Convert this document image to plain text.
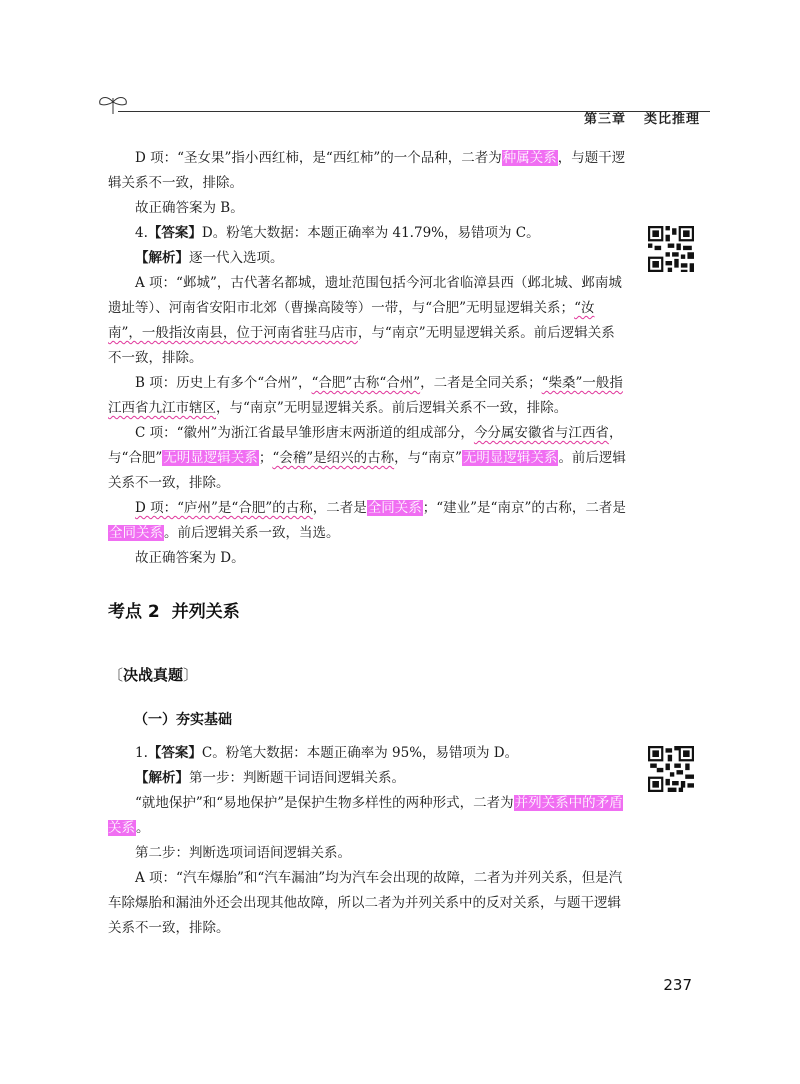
第三章 类比推理
D 项：“圣女果”指小西红柿，是“西红柿”的一个品种，二者为种属关系，与题干逻辑关系不一致，排除。
故正确答案为 B。
4.【答案】D。粉笔大数据：本题正确率为 41.79%，易错项为 C。
【解析】逐一代入选项。
A 项：“邺城”，古代著名都城，遗址范围包括今河北省临漳县西（邺北城、邺南城遗址等）、河南省安阳市北郊（曹操高陵等）一带，与“合肥”无明显逻辑关系；“汝南”，一般指汝南县，位于河南省驻马店市，与“南京”无明显逻辑关系。前后逻辑关系不一致，排除。
B 项：历史上有多个“合州”，“合肥”古称“合州”，二者是全同关系；“柴桑”一般指江西省九江市辖区，与“南京”无明显逻辑关系。前后逻辑关系不一致，排除。
C 项：“徽州”为浙江省最早雏形唐末两浙道的组成部分，今分属安徽省与江西省，与“合肥”无明显逻辑关系；“会稽”是绍兴的古称，与“南京”无明显逻辑关系。前后逻辑关系不一致，排除。
D 项：“庐州”是“合肥”的古称，二者是全同关系；“建业”是“南京”的古称，二者是全同关系。前后逻辑关系一致，当选。
故正确答案为 D。
考点 2 并列关系
〔决战真题〕
（一）夯实基础
1.【答案】C。粉笔大数据：本题正确率为 95%，易错项为 D。
【解析】第一步：判断题干词语间逻辑关系。
“就地保护”和“易地保护”是保护生物多样性的两种形式，二者为并列关系中的矛盾关系。
第二步：判断选项词语间逻辑关系。
A 项：“汽车爆胎”和“汽车漏油”均为汽车会出现的故障，二者为并列关系，但是汽车除爆胎和漏油外还会出现其他故障，所以二者为并列关系中的反对关系，与题干逻辑关系不一致，排除。
237
